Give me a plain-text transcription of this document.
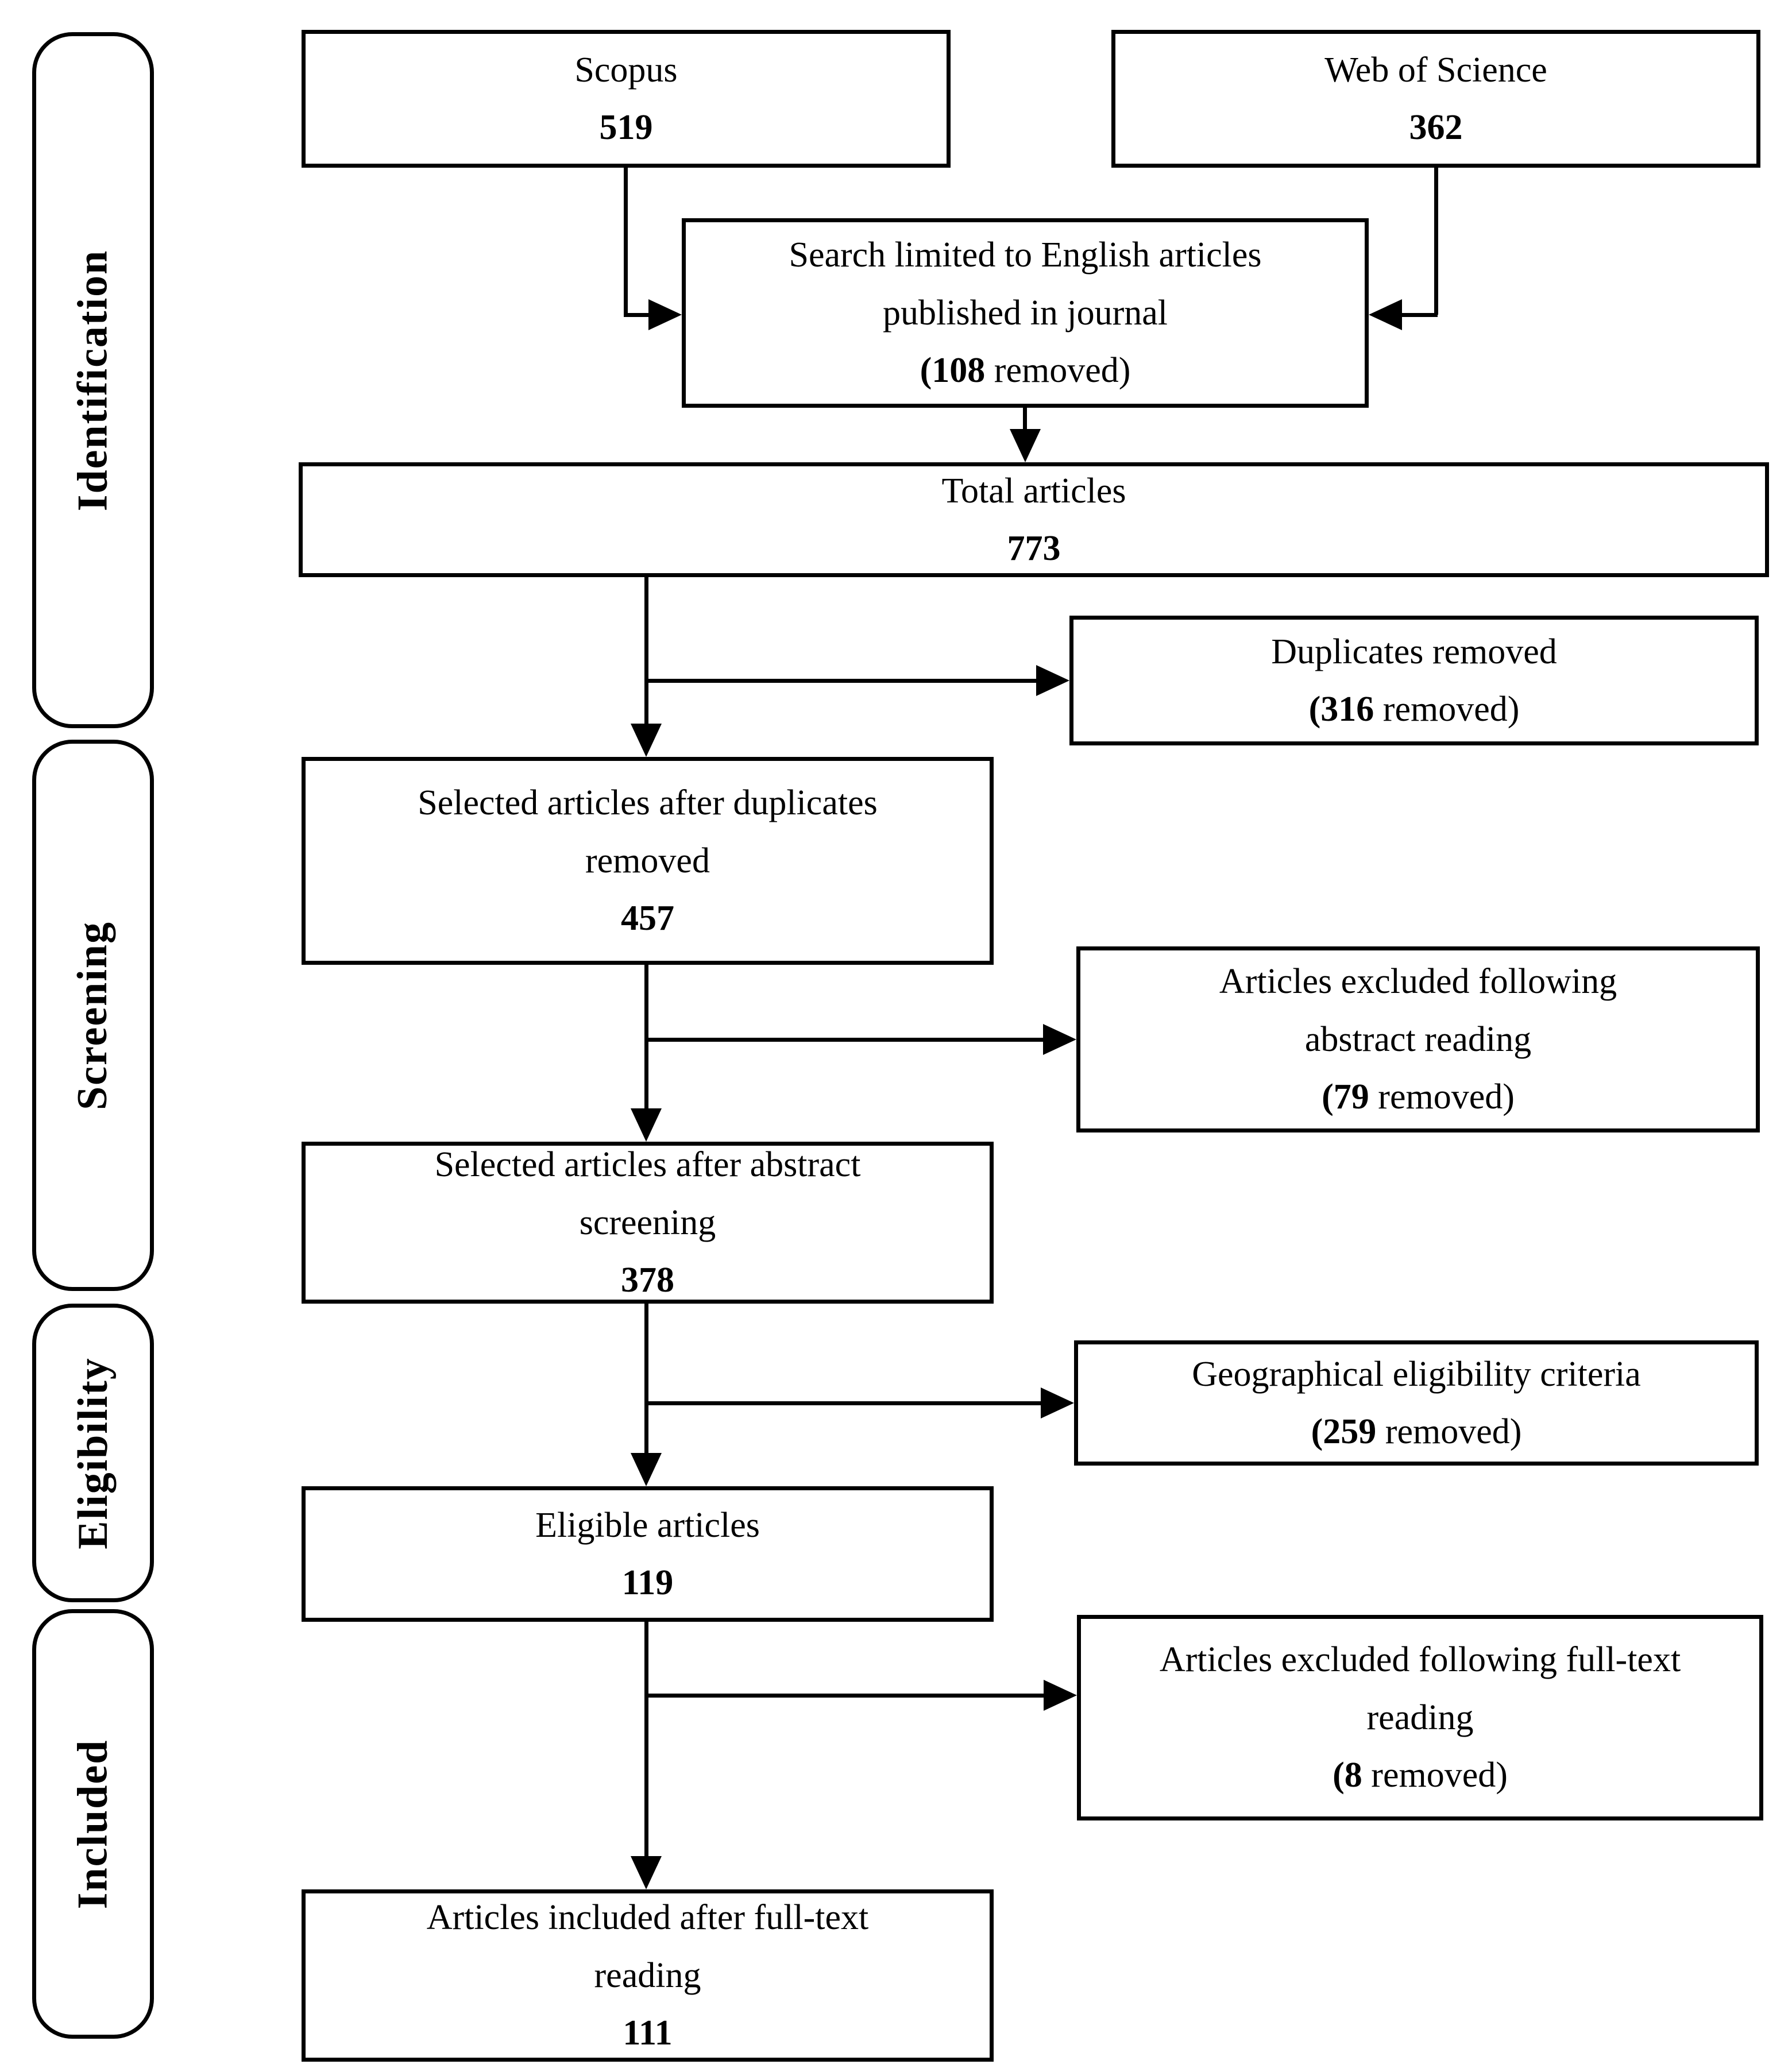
Identification
Screening
Eligibility
Included
Scopus
519
Web of Science
362
Search limited to English articles
published in journal
(108 removed)
Total articles
773
Duplicates removed
(316 removed)
Selected articles after duplicates
removed
457
Articles excluded following
abstract reading
(79 removed)
Selected articles after abstract
screening
378
Geographical eligibility criteria
(259 removed)
Eligible articles
119
Articles excluded following full-text
reading
(8 removed)
Articles included after full-text
reading
111
